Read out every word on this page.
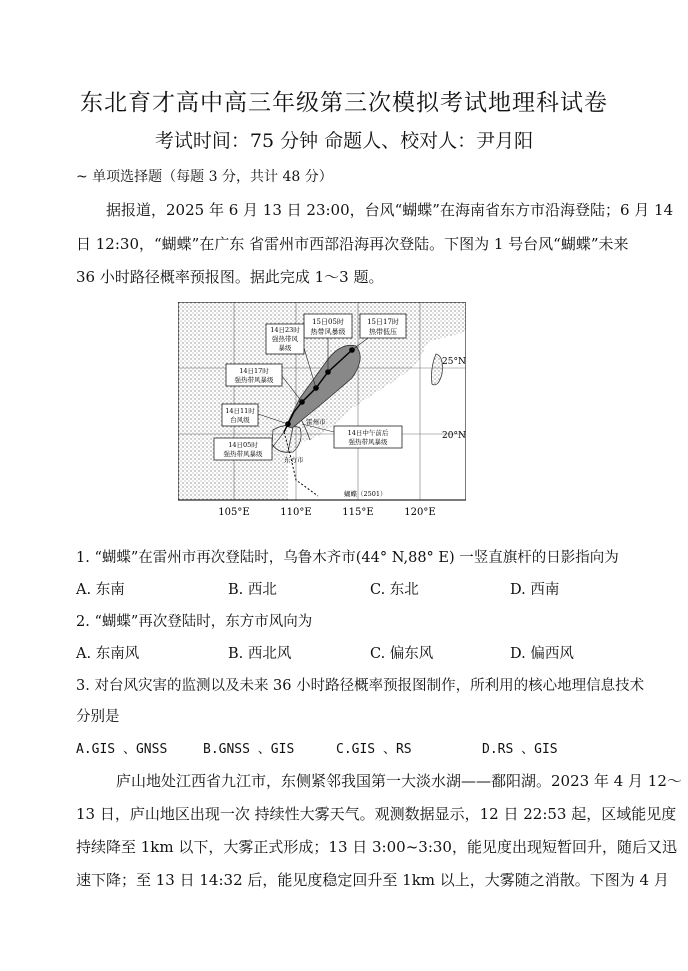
东北育才高中高三年级第三次模拟考试地理科试卷
考试时间：75 分钟 命题人、校对人：尹月阳
~ 单项选择题（每题 3 分，共计 48 分）
据报道，2025 年 6 月 13 日 23:00，台风“蝴蝶”在海南省东方市沿海登陆；6 月 14
日 12:30，“蝴蝶”在广东 省雷州市西部沿海再次登陆。下图为 1 号台风“蝴蝶”未来
36 小时路径概率预报图。据此完成 1～3 题。
15日05时
热带风暴级
15日17时
热带低压
14日23时
强热带风
暴级
14日17时
强热带风暴级
14日11时
台风级
14日05时
强热带风暴级
14日中午前后
强热带风暴级
雷州市
东方市
蝴蝶（2501）
25°N
20°N
105°E	110°E	115°E	120°E
1. “蝴蝶”在雷州市再次登陆时，乌鲁木齐市(44° N,88° E) 一竖直旗杆的日影指向为
A. 东南	B. 西北	C. 东北	D. 西南
2. “蝴蝶”再次登陆时，东方市风向为
A. 东南风	B. 西北风	C. 偏东风	D. 偏西风
3. 对台风灾害的监测以及未来 36 小时路径概率预报图制作，所利用的核心地理信息技术
分别是
A.GIS 、GNSS	B.GNSS 、GIS	C.GIS 、RS	D.RS 、GIS
庐山地处江西省九江市，东侧紧邻我国第一大淡水湖——鄱阳湖。2023 年 4 月 12～
13 日，庐山地区出现一次 持续性大雾天气。观测数据显示，12 日 22:53 起，区域能见度
持续降至 1km 以下，大雾正式形成；13 日 3:00~3:30，能见度出现短暂回升，随后又迅
速下降；至 13 日 14:32 后，能见度稳定回升至 1km 以上，大雾随之消散。下图为 4 月
